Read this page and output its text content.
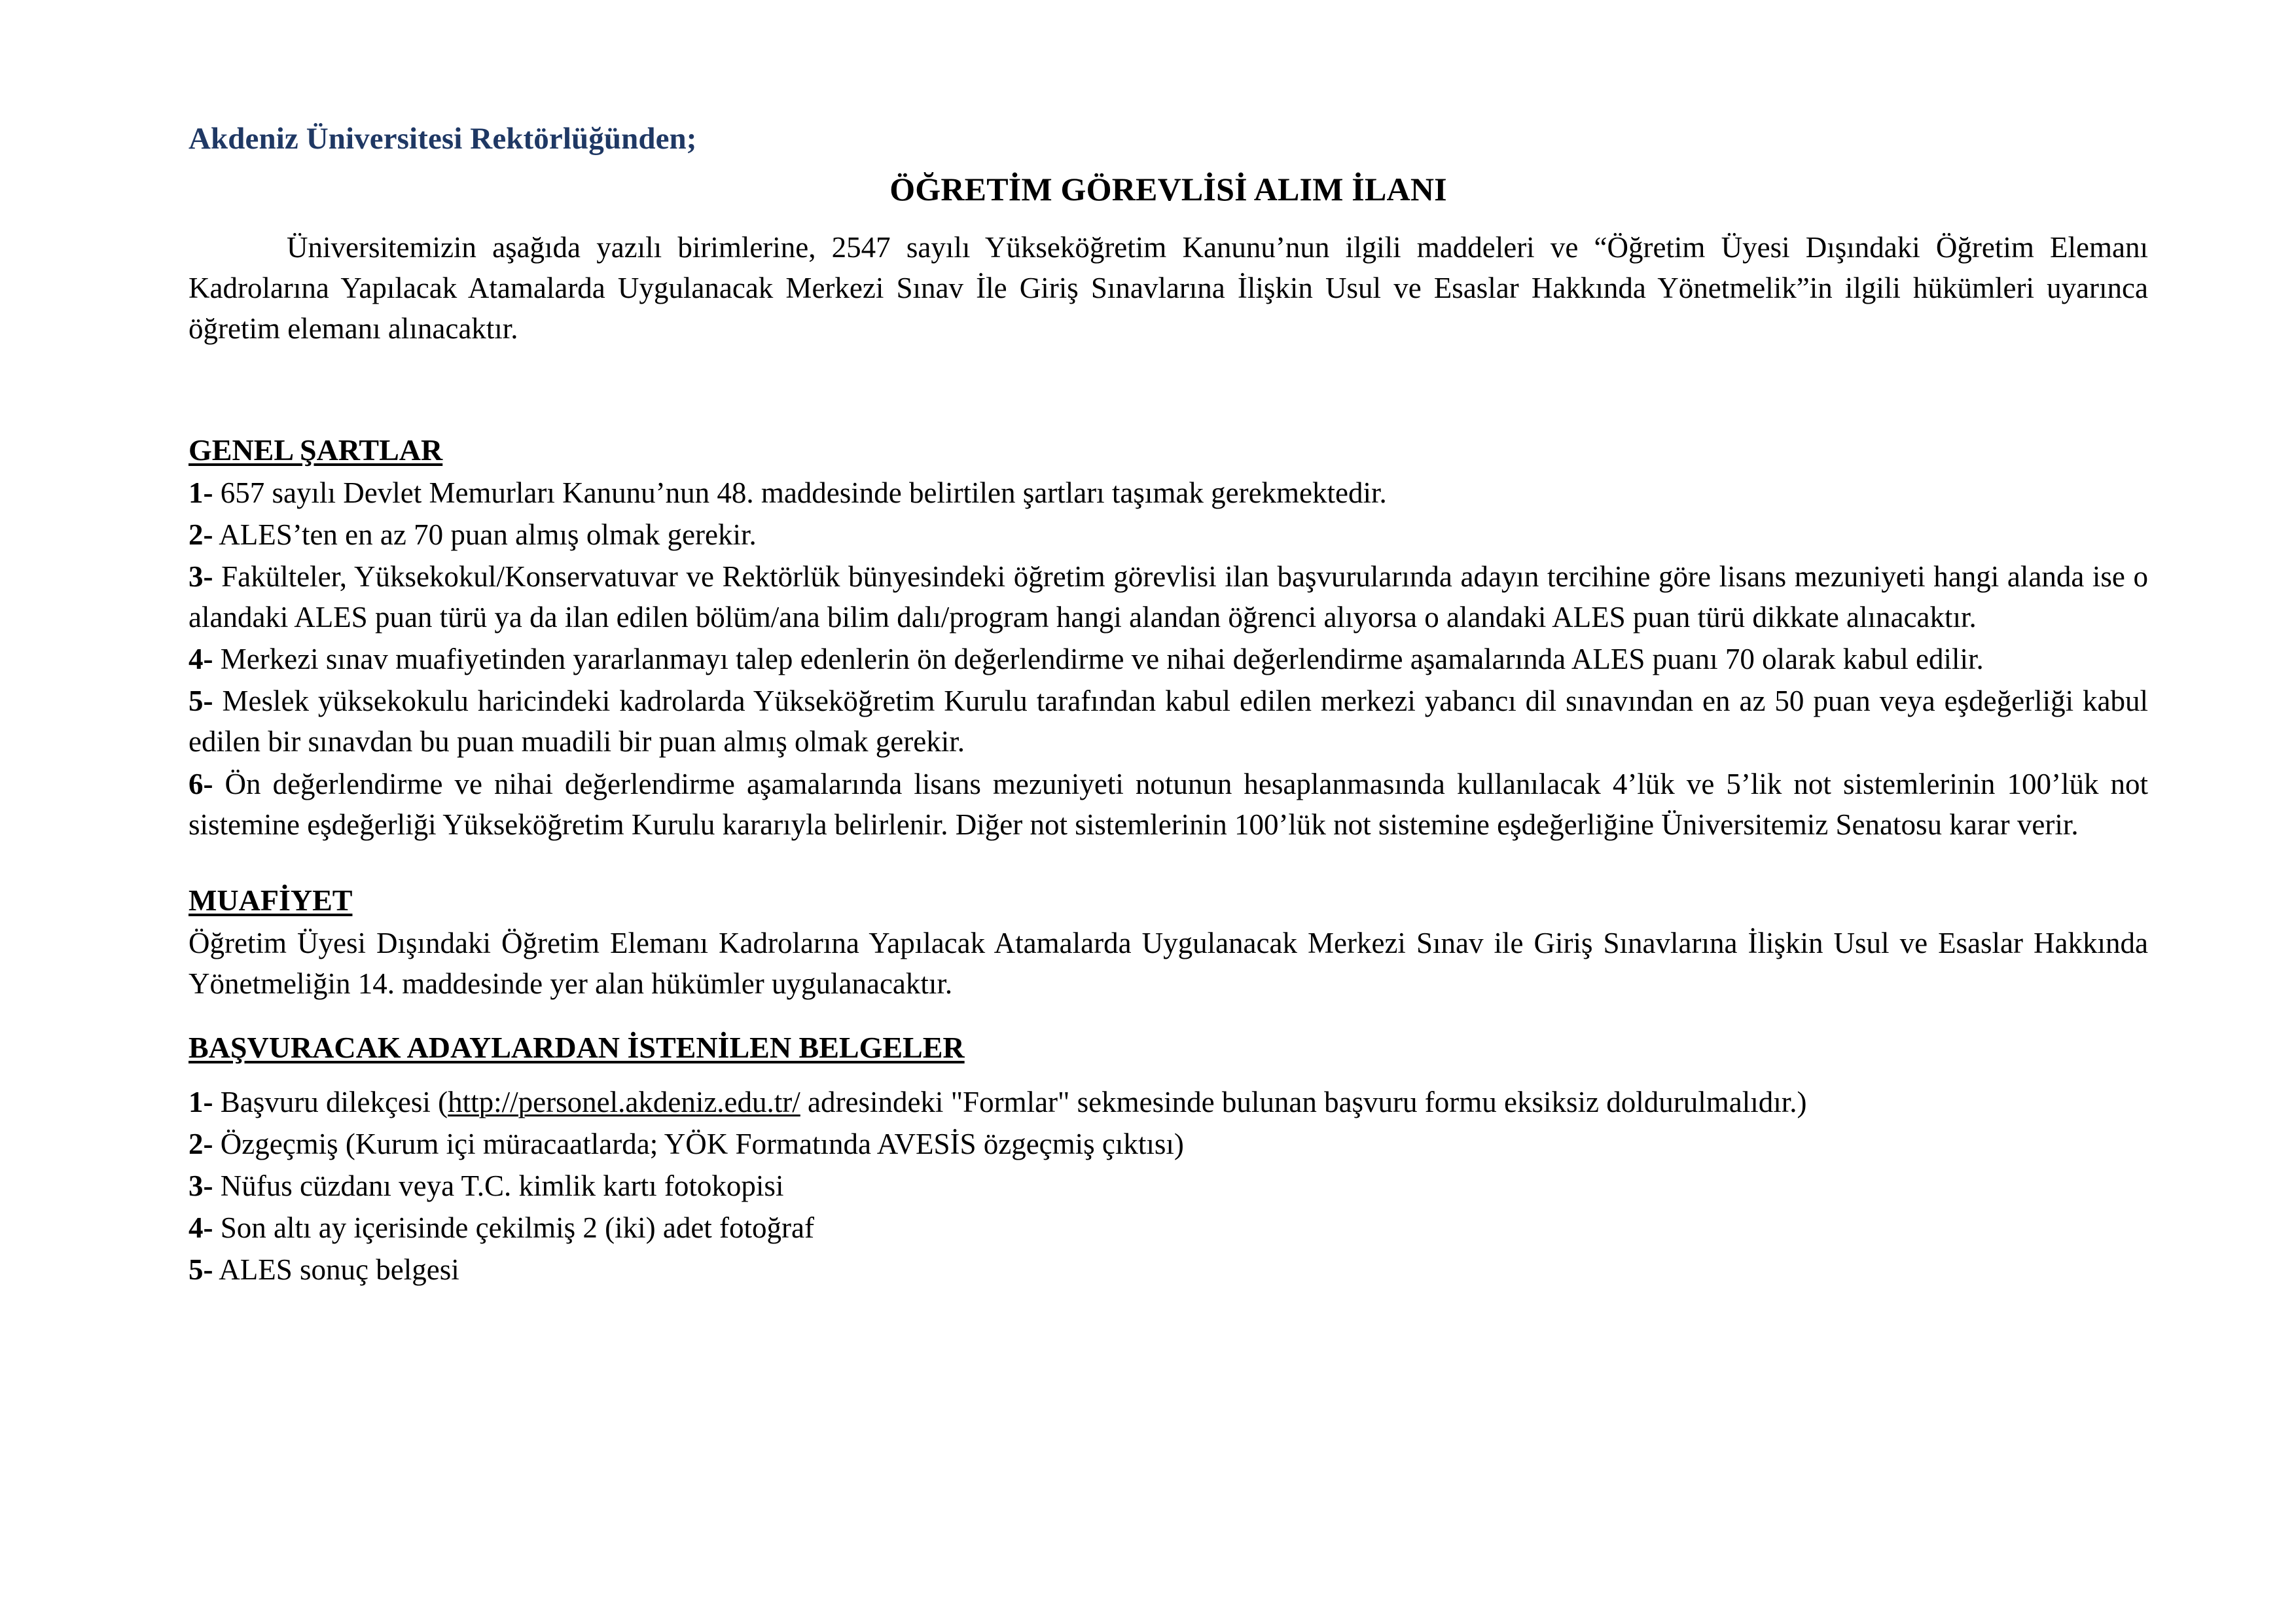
Akdeniz Üniversitesi Rektörlüğünden;
ÖĞRETİM GÖREVLİSİ ALIM İLANI

Üniversitemizin aşağıda yazılı birimlerine, 2547 sayılı Yükseköğretim Kanunu’nun ilgili maddeleri ve “Öğretim Üyesi Dışındaki Öğretim Elemanı Kadrolarına Yapılacak Atamalarda Uygulanacak Merkezi Sınav İle Giriş Sınavlarına İlişkin Usul ve Esaslar Hakkında Yönetmelik”in ilgili hükümleri uyarınca öğretim elemanı alınacaktır.

GENEL ŞARTLAR
1- 657 sayılı Devlet Memurları Kanunu’nun 48. maddesinde belirtilen şartları taşımak gerekmektedir.
2- ALES’ten en az 70 puan almış olmak gerekir.
3- Fakülteler, Yüksekokul/Konservatuvar ve Rektörlük bünyesindeki öğretim görevlisi ilan başvurularında adayın tercihine göre lisans mezuniyeti hangi alanda ise o alandaki ALES puan türü ya da ilan edilen bölüm/ana bilim dalı/program hangi alandan öğrenci alıyorsa o alandaki ALES puan türü dikkate alınacaktır.
4- Merkezi sınav muafiyetinden yararlanmayı talep edenlerin ön değerlendirme ve nihai değerlendirme aşamalarında ALES puanı 70 olarak kabul edilir.
5- Meslek yüksekokulu haricindeki kadrolarda Yükseköğretim Kurulu tarafından kabul edilen merkezi yabancı dil sınavından en az 50 puan veya eşdeğerliği kabul edilen bir sınavdan bu puan muadili bir puan almış olmak gerekir.
6- Ön değerlendirme ve nihai değerlendirme aşamalarında lisans mezuniyeti notunun hesaplanmasında kullanılacak 4’lük ve 5’lik not sistemlerinin 100’lük not sistemine eşdeğerliği Yükseköğretim Kurulu kararıyla belirlenir. Diğer not sistemlerinin 100’lük not sistemine eşdeğerliğine Üniversitemiz Senatosu karar verir.
MUAFİYET

Öğretim Üyesi Dışındaki Öğretim Elemanı Kadrolarına Yapılacak Atamalarda Uygulanacak Merkezi Sınav ile Giriş Sınavlarına İlişkin Usul ve Esaslar Hakkında Yönetmeliğin 14. maddesinde yer alan hükümler uygulanacaktır.

BAŞVURACAK ADAYLARDAN İSTENİLEN BELGELER
1- Başvuru dilekçesi (http://personel.akdeniz.edu.tr/ adresindeki "Formlar" sekmesinde bulunan başvuru formu eksiksiz doldurulmalıdır.)
2- Özgeçmiş (Kurum içi müracaatlarda; YÖK Formatında AVESİS özgeçmiş çıktısı)
3- Nüfus cüzdanı veya T.C. kimlik kartı fotokopisi
4- Son altı ay içerisinde çekilmiş 2 (iki) adet fotoğraf
5- ALES sonuç belgesi
